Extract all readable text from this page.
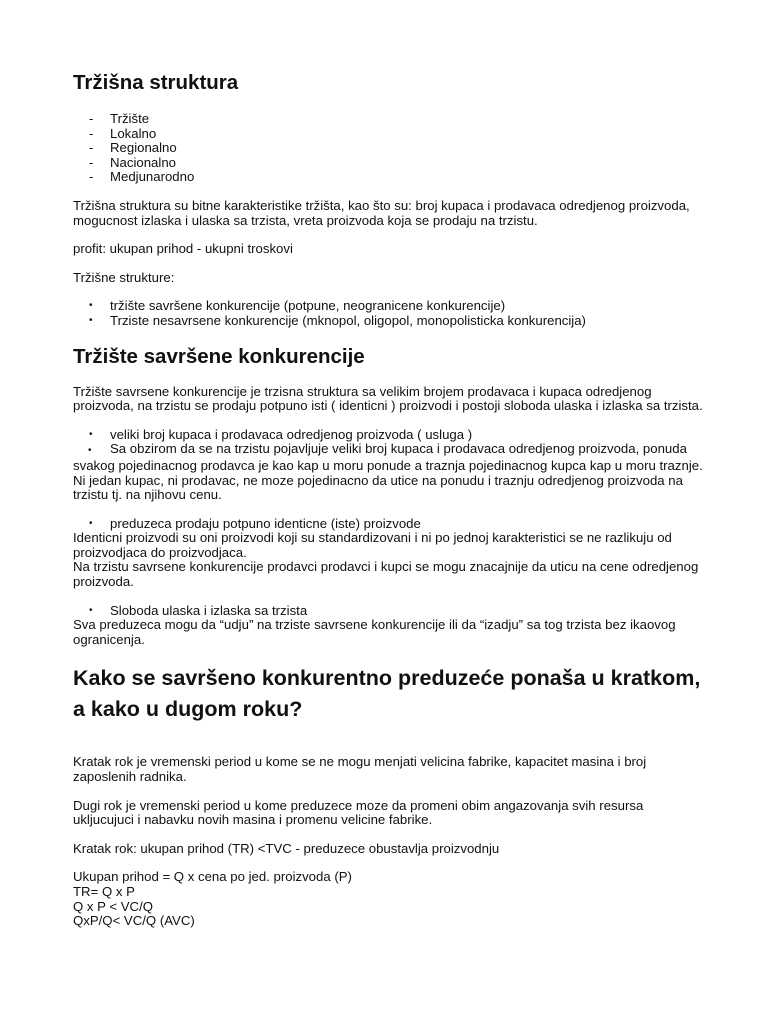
Tržišna struktura
- Tržište
- Lokalno
- Regionalno
- Nacionalno
- Medjunarodno

Tržišna struktura su bitne karakteristike tržišta, kao što su: broj kupaca i prodavaca odredjenog proizvoda, mogucnost izlaska i ulaska sa trzista, vreta proizvoda koja se prodaju na trzistu.

profit: ukupan prihod - ukupni troskovi

Tržišne strukture:

• tržište savršene konkurencije (potpune, neogranicene konkurencije)
• Trziste nesavrsene konkurencije (mknopol, oligopol, monopolisticka konkurencija)
Tržište savršene konkurencije

Tržište savrsene konkurencije je trzisna struktura sa velikim brojem prodavaca i kupaca odredjenog proizvoda, na trzistu se prodaju potpuno isti ( identicni ) proizvodi i postoji sloboda ulaska i izlaska sa trzista.

• veliki broj kupaca i prodavaca odredjenog proizvoda ( usluga )

• Sa obzirom da se na trzistu pojavljuje veliki broj kupaca i prodavaca odredjenog proizvoda, ponuda svakog pojedinacnog prodavca je kao kap u moru ponude a traznja pojedinacnog kupca kap u moru traznje.

Ni jedan kupac, ni prodavac, ne moze pojedinacno da utice na ponudu i traznju odredjenog proizvoda na trzistu tj. na njihovu cenu.

• preduzeca prodaju potpuno identicne (iste) proizvode

Identicni proizvodi su oni proizvodi koji su standardizovani i ni po jednoj karakteristici se ne razlikuju od proizvodjaca do proizvodjaca.

Na trzistu savrsene konkurencije prodavci prodavci i kupci se mogu znacajnije da uticu na cene odredjenog proizvoda.

• Sloboda ulaska i izlaska sa trzista

Sva preduzeca mogu da “udju” na trziste savrsene konkurencije ili da “izadju” sa tog trzista bez ikaovog ogranicenja.

Kako se savršeno konkurentno preduzeće ponaša u kratkom, a kako u dugom roku?

Kratak rok je vremenski period u kome se ne mogu menjati velicina fabrike, kapacitet masina i broj zaposlenih radnika.

Dugi rok je vremenski period u kome preduzece moze da promeni obim angazovanja svih resursa ukljucujuci i nabavku novih masina i promenu velicine fabrike.

Kratak rok: ukupan prihod (TR) <TVC - preduzece obustavlja proizvodnju

Ukupan prihod = Q x cena po jed. proizvoda (P)

TR= Q x P

Q x P < VC/Q

QxP/Q< VC/Q (AVC)
